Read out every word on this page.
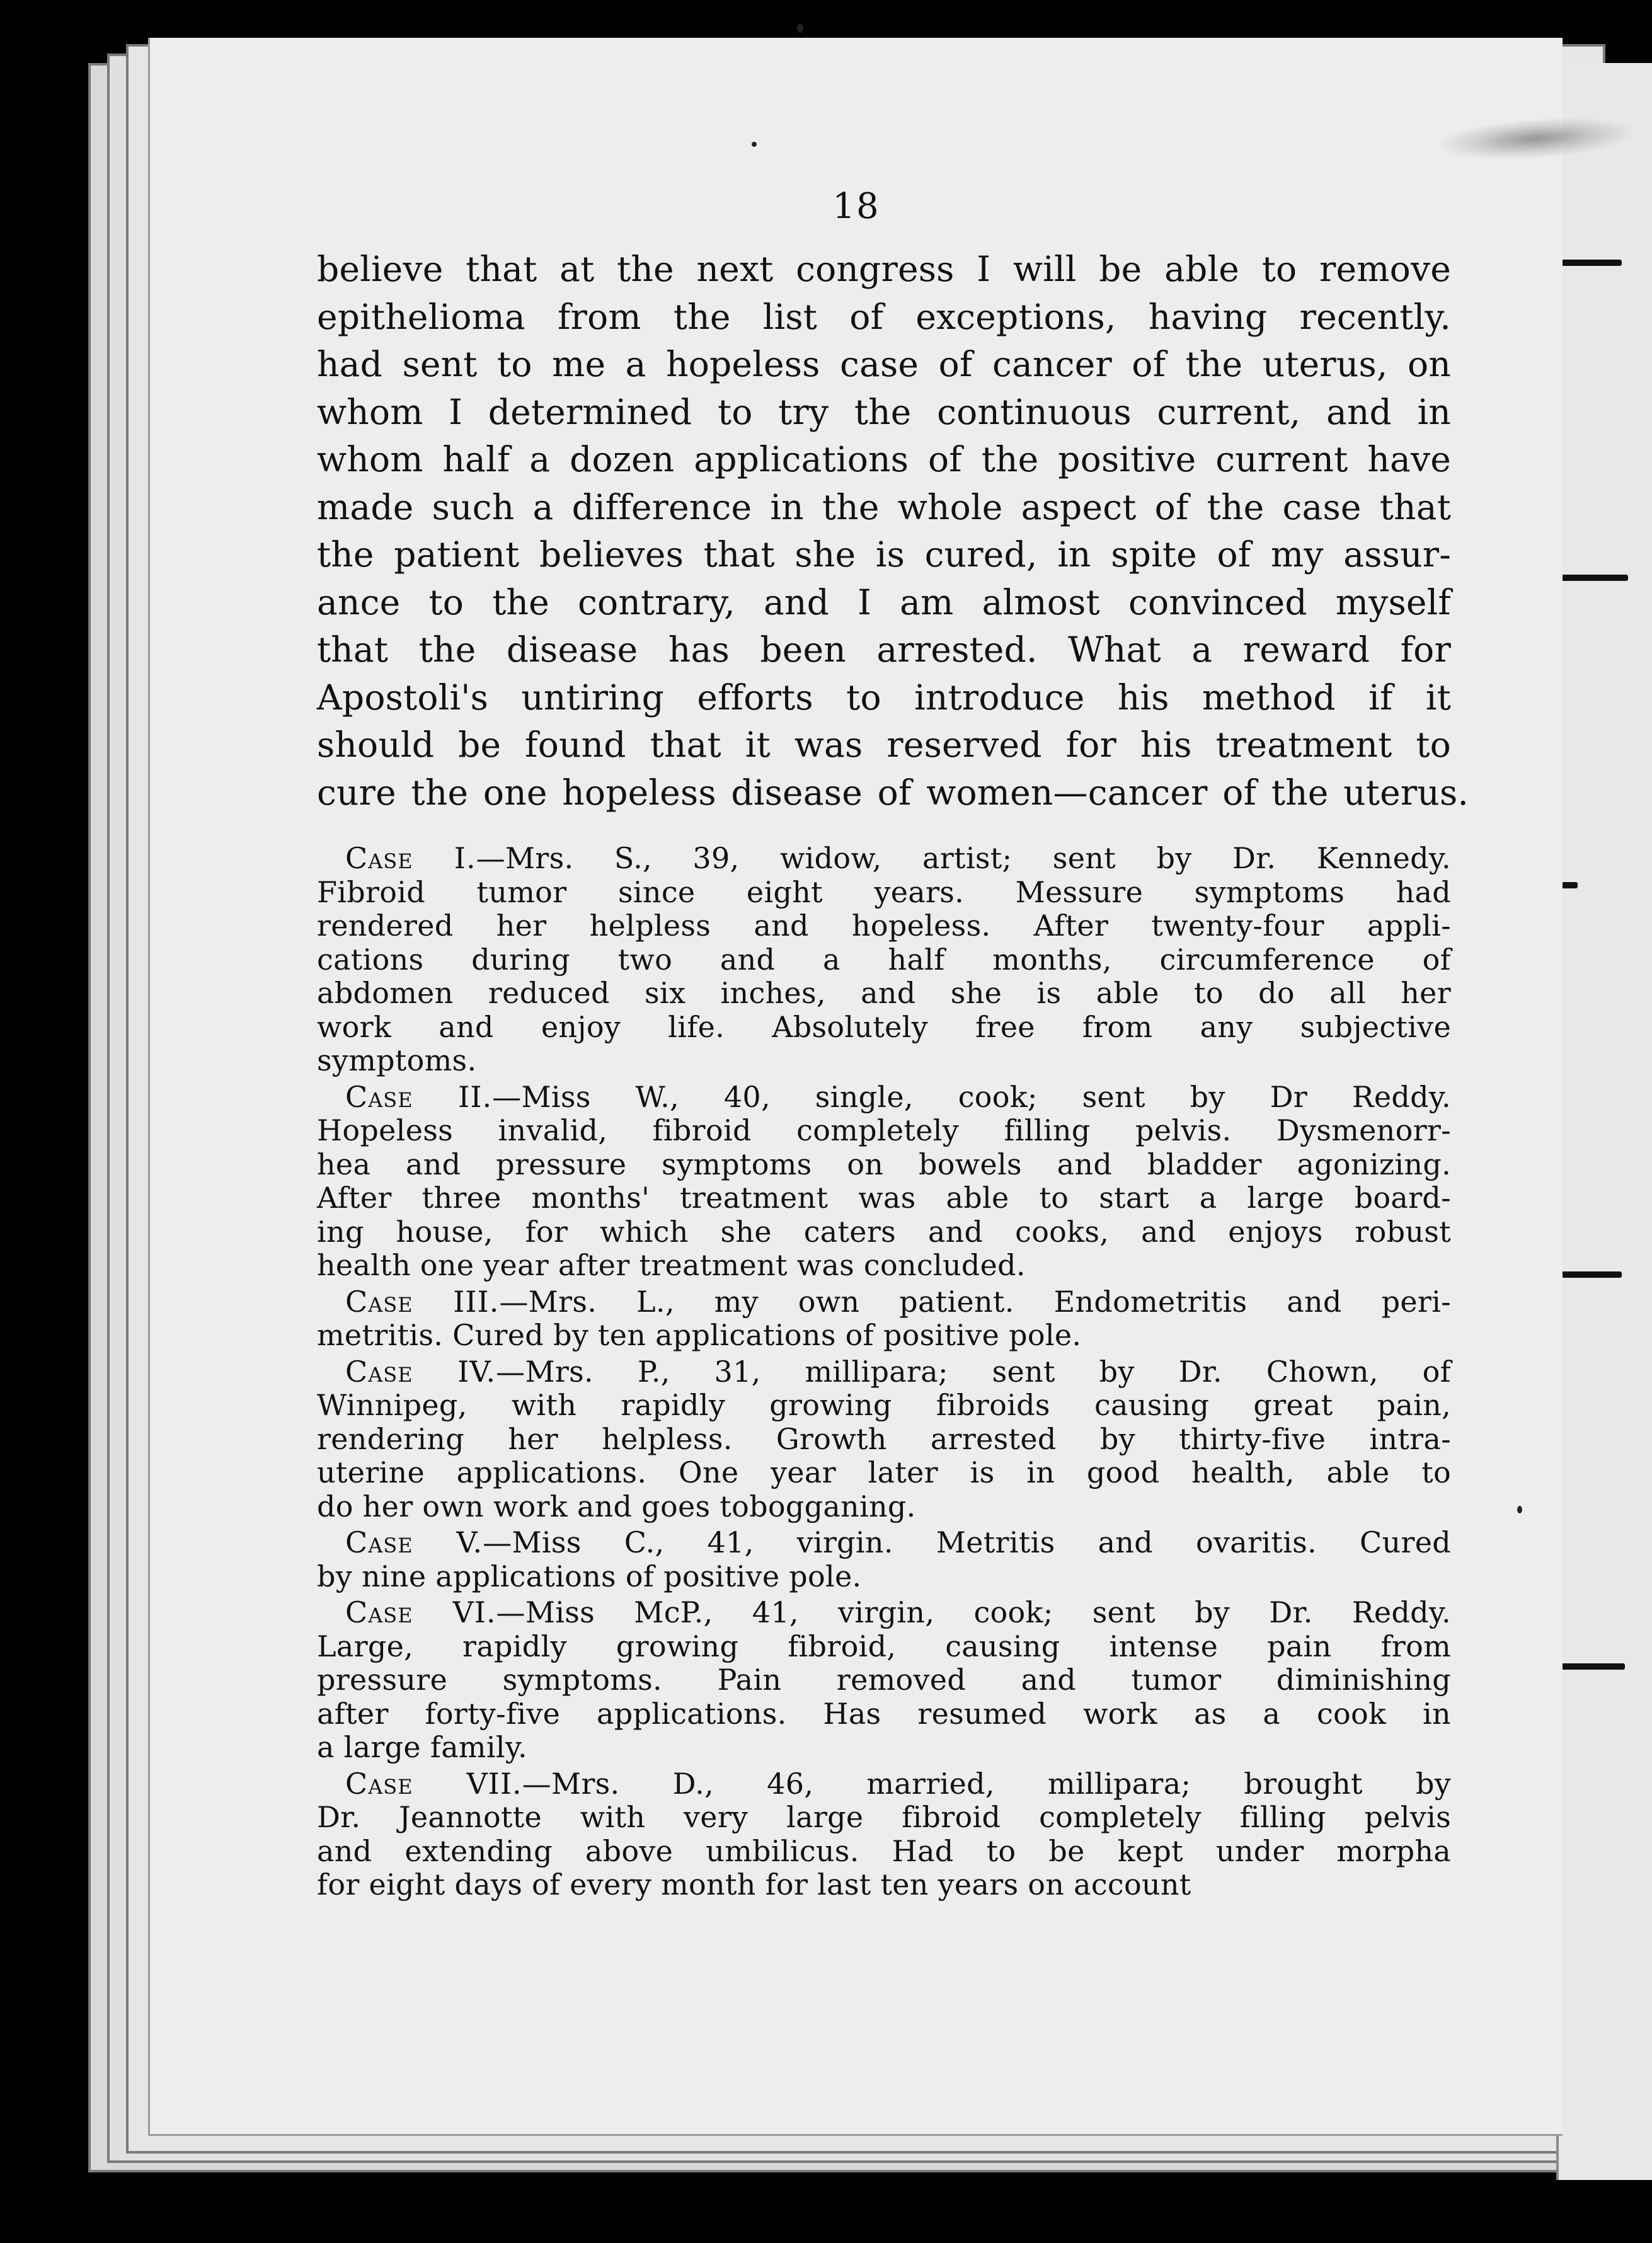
18
believe that at the next congress I will be able to remove
epithelioma from the list of exceptions, having recently.
had sent to me a hopeless case of cancer of the uterus, on
whom I determined to try the continuous current, and in
whom half a dozen applications of the positive current have
made such a difference in the whole aspect of the case that
the patient believes that she is cured, in spite of my assur-
ance to the contrary, and I am almost convinced myself
that the disease has been arrested. What a reward for
Apostoli's untiring efforts to introduce his method if it
should be found that it was reserved for his treatment to
cure the one hopeless disease of women—cancer of the uterus.
Case I.—Mrs. S., 39, widow, artist; sent by Dr. Kennedy.
Fibroid tumor since eight years. Messure symptoms had
rendered her helpless and hopeless. After twenty-four appli-
cations during two and a half months, circumference of
abdomen reduced six inches, and she is able to do all her
work and enjoy life. Absolutely free from any subjective
symptoms.
Case II.—Miss W., 40, single, cook; sent by Dr Reddy.
Hopeless invalid, fibroid completely filling pelvis. Dysmenorr-
hea and pressure symptoms on bowels and bladder agonizing.
After three months' treatment was able to start a large board-
ing house, for which she caters and cooks, and enjoys robust
health one year after treatment was concluded.
Case III.—Mrs. L., my own patient. Endometritis and peri-
metritis. Cured by ten applications of positive pole.
Case IV.—Mrs. P., 31, millipara; sent by Dr. Chown, of
Winnipeg, with rapidly growing fibroids causing great pain,
rendering her helpless. Growth arrested by thirty-five intra-
uterine applications. One year later is in good health, able to
do her own work and goes tobogganing.
Case V.—Miss C., 41, virgin. Metritis and ovaritis. Cured
by nine applications of positive pole.
Case VI.—Miss McP., 41, virgin, cook; sent by Dr. Reddy.
Large, rapidly growing fibroid, causing intense pain from
pressure symptoms. Pain removed and tumor diminishing
after forty-five applications. Has resumed work as a cook in
a large family.
Case VII.—Mrs. D., 46, married, millipara; brought by
Dr. Jeannotte with very large fibroid completely filling pelvis
and extending above umbilicus. Had to be kept under morpha
for eight days of every month for last ten years on account
